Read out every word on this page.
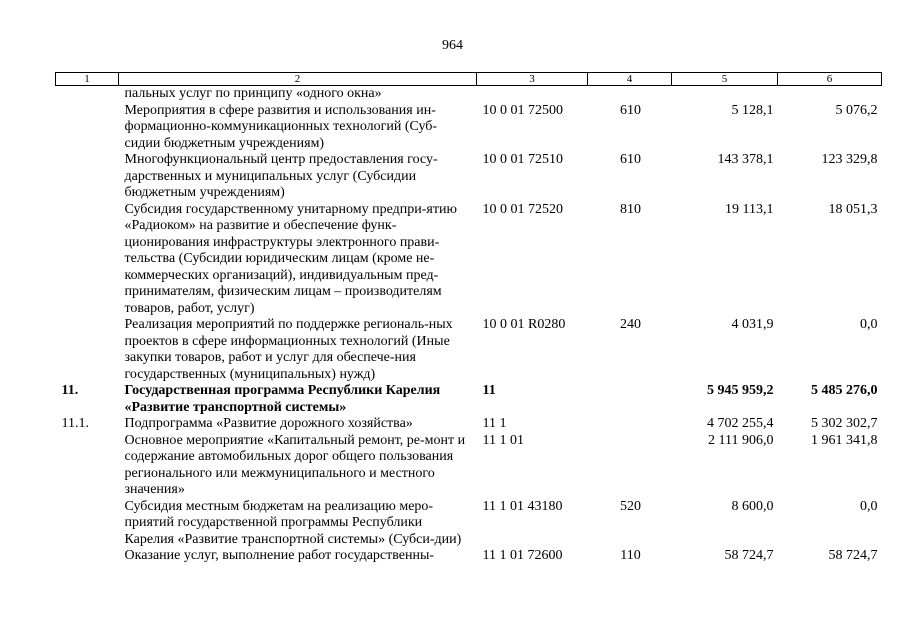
964
1	2	3	4	5	6
	пальных услуг по принципу «одного окна»				
	Мероприятия в сфере развития и использования ин-формационно-коммуникационных технологий (Суб-сидии бюджетным учреждениям)	10 0 01 72500	610	5 128,1	5 076,2
	Многофункциональный центр предоставления госу-дарственных и муниципальных услуг (Субсидии бюджетным учреждениям)	10 0 01 72510	610	143 378,1	123 329,8
	Субсидия государственному унитарному предпри-ятию «Радиоком» на развитие и обеспечение функ-ционирования инфраструктуры электронного прави-тельства (Субсидии юридическим лицам (кроме не-коммерческих организаций), индивидуальным пред-принимателям, физическим лицам – производителям товаров, работ, услуг)	10 0 01 72520	810	19 113,1	18 051,3
	Реализация мероприятий по поддержке региональ-ных проектов в сфере информационных технологий (Иные закупки товаров, работ и услуг для обеспече-ния государственных (муниципальных) нужд)	10 0 01 R0280	240	4 031,9	0,0
11.	Государственная программа Республики Карелия «Развитие транспортной системы»	11		5 945 959,2	5 485 276,0
11.1.	Подпрограмма «Развитие дорожного хозяйства»	11 1		4 702 255,4	5 302 302,7
	Основное мероприятие «Капитальный ремонт, ре-монт и содержание автомобильных дорог общего пользования регионального или межмуниципального и местного значения»	11 1 01		2 111 906,0	1 961 341,8
	Субсидия местным бюджетам на реализацию меро-приятий государственной программы Республики Карелия «Развитие транспортной системы» (Субси-дии)	11 1 01 43180	520	8 600,0	0,0
	Оказание услуг, выполнение работ государственны-	11 1 01 72600	110	58 724,7	58 724,7
